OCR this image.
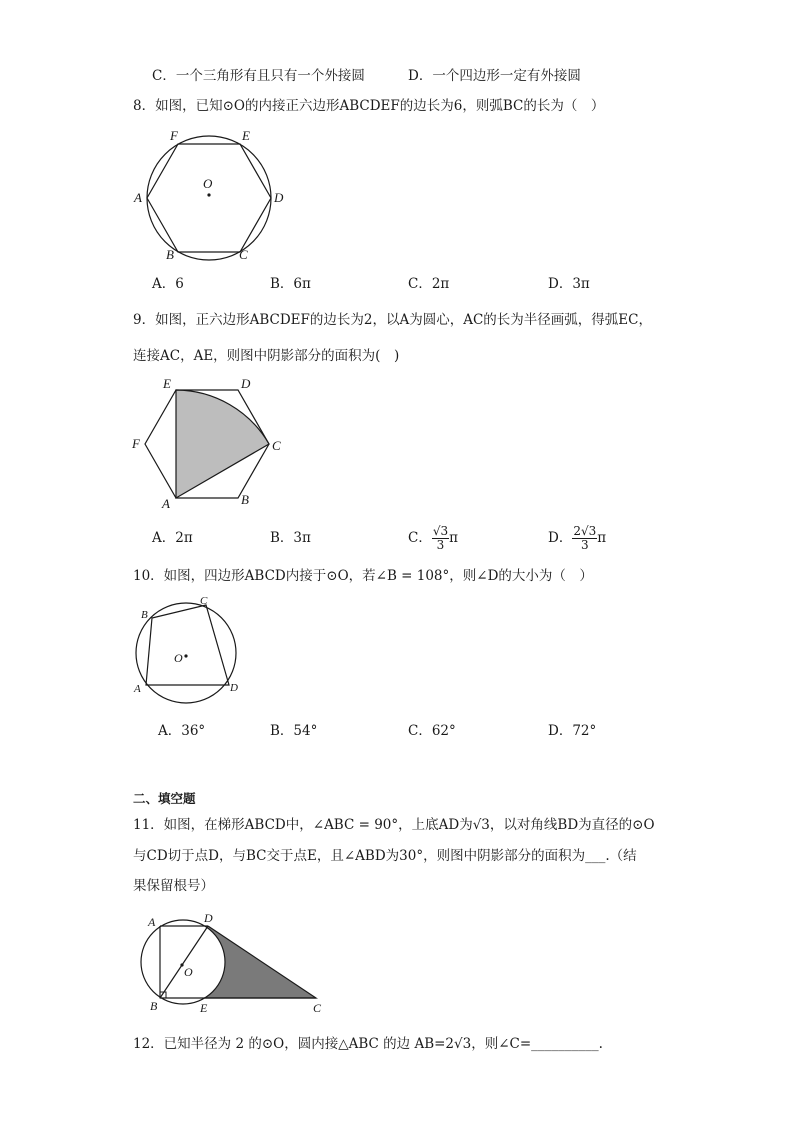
C．一个三角形有且只有一个外接圆	D．一个四边形一定有外接圆
8．如图，已知⊙O的内接正六边形ABCDEF的边长为6，则弧BC的长为（　）
F	E
A	D
B	C
O
A．6	B．6π	C．2π	D．3π
9．如图，正六边形ABCDEF的边长为2，以A为圆心，AC的长为半径画弧，得弧EC，
连接AC，AE，则图中阴影部分的面积为(　)
E	D
F	C
A	B
A．2π	B．3π	C． $\frac{√3}{3}$ π	D． $\frac{2√3}{3}$ π
10．如图，四边形ABCD内接于⊙O，若∠B = 108°，则∠D的大小为（　）
B
C
O
A	D
A．36°	B．54°	C．62°	D．72°
二、填空题
11．如图，在梯形ABCD中，∠ABC = 90°，上底AD为√3，以对角线BD为直径的⊙O
与CD切于点D，与BC交于点E，且∠ABD为30°，则图中阴影部分的面积为___.（结
果保留根号）
A	D
O
B	E	C
12．已知半径为 2 的⊙O，圆内接△ABC 的边 AB=2√3，则∠C=__________.
